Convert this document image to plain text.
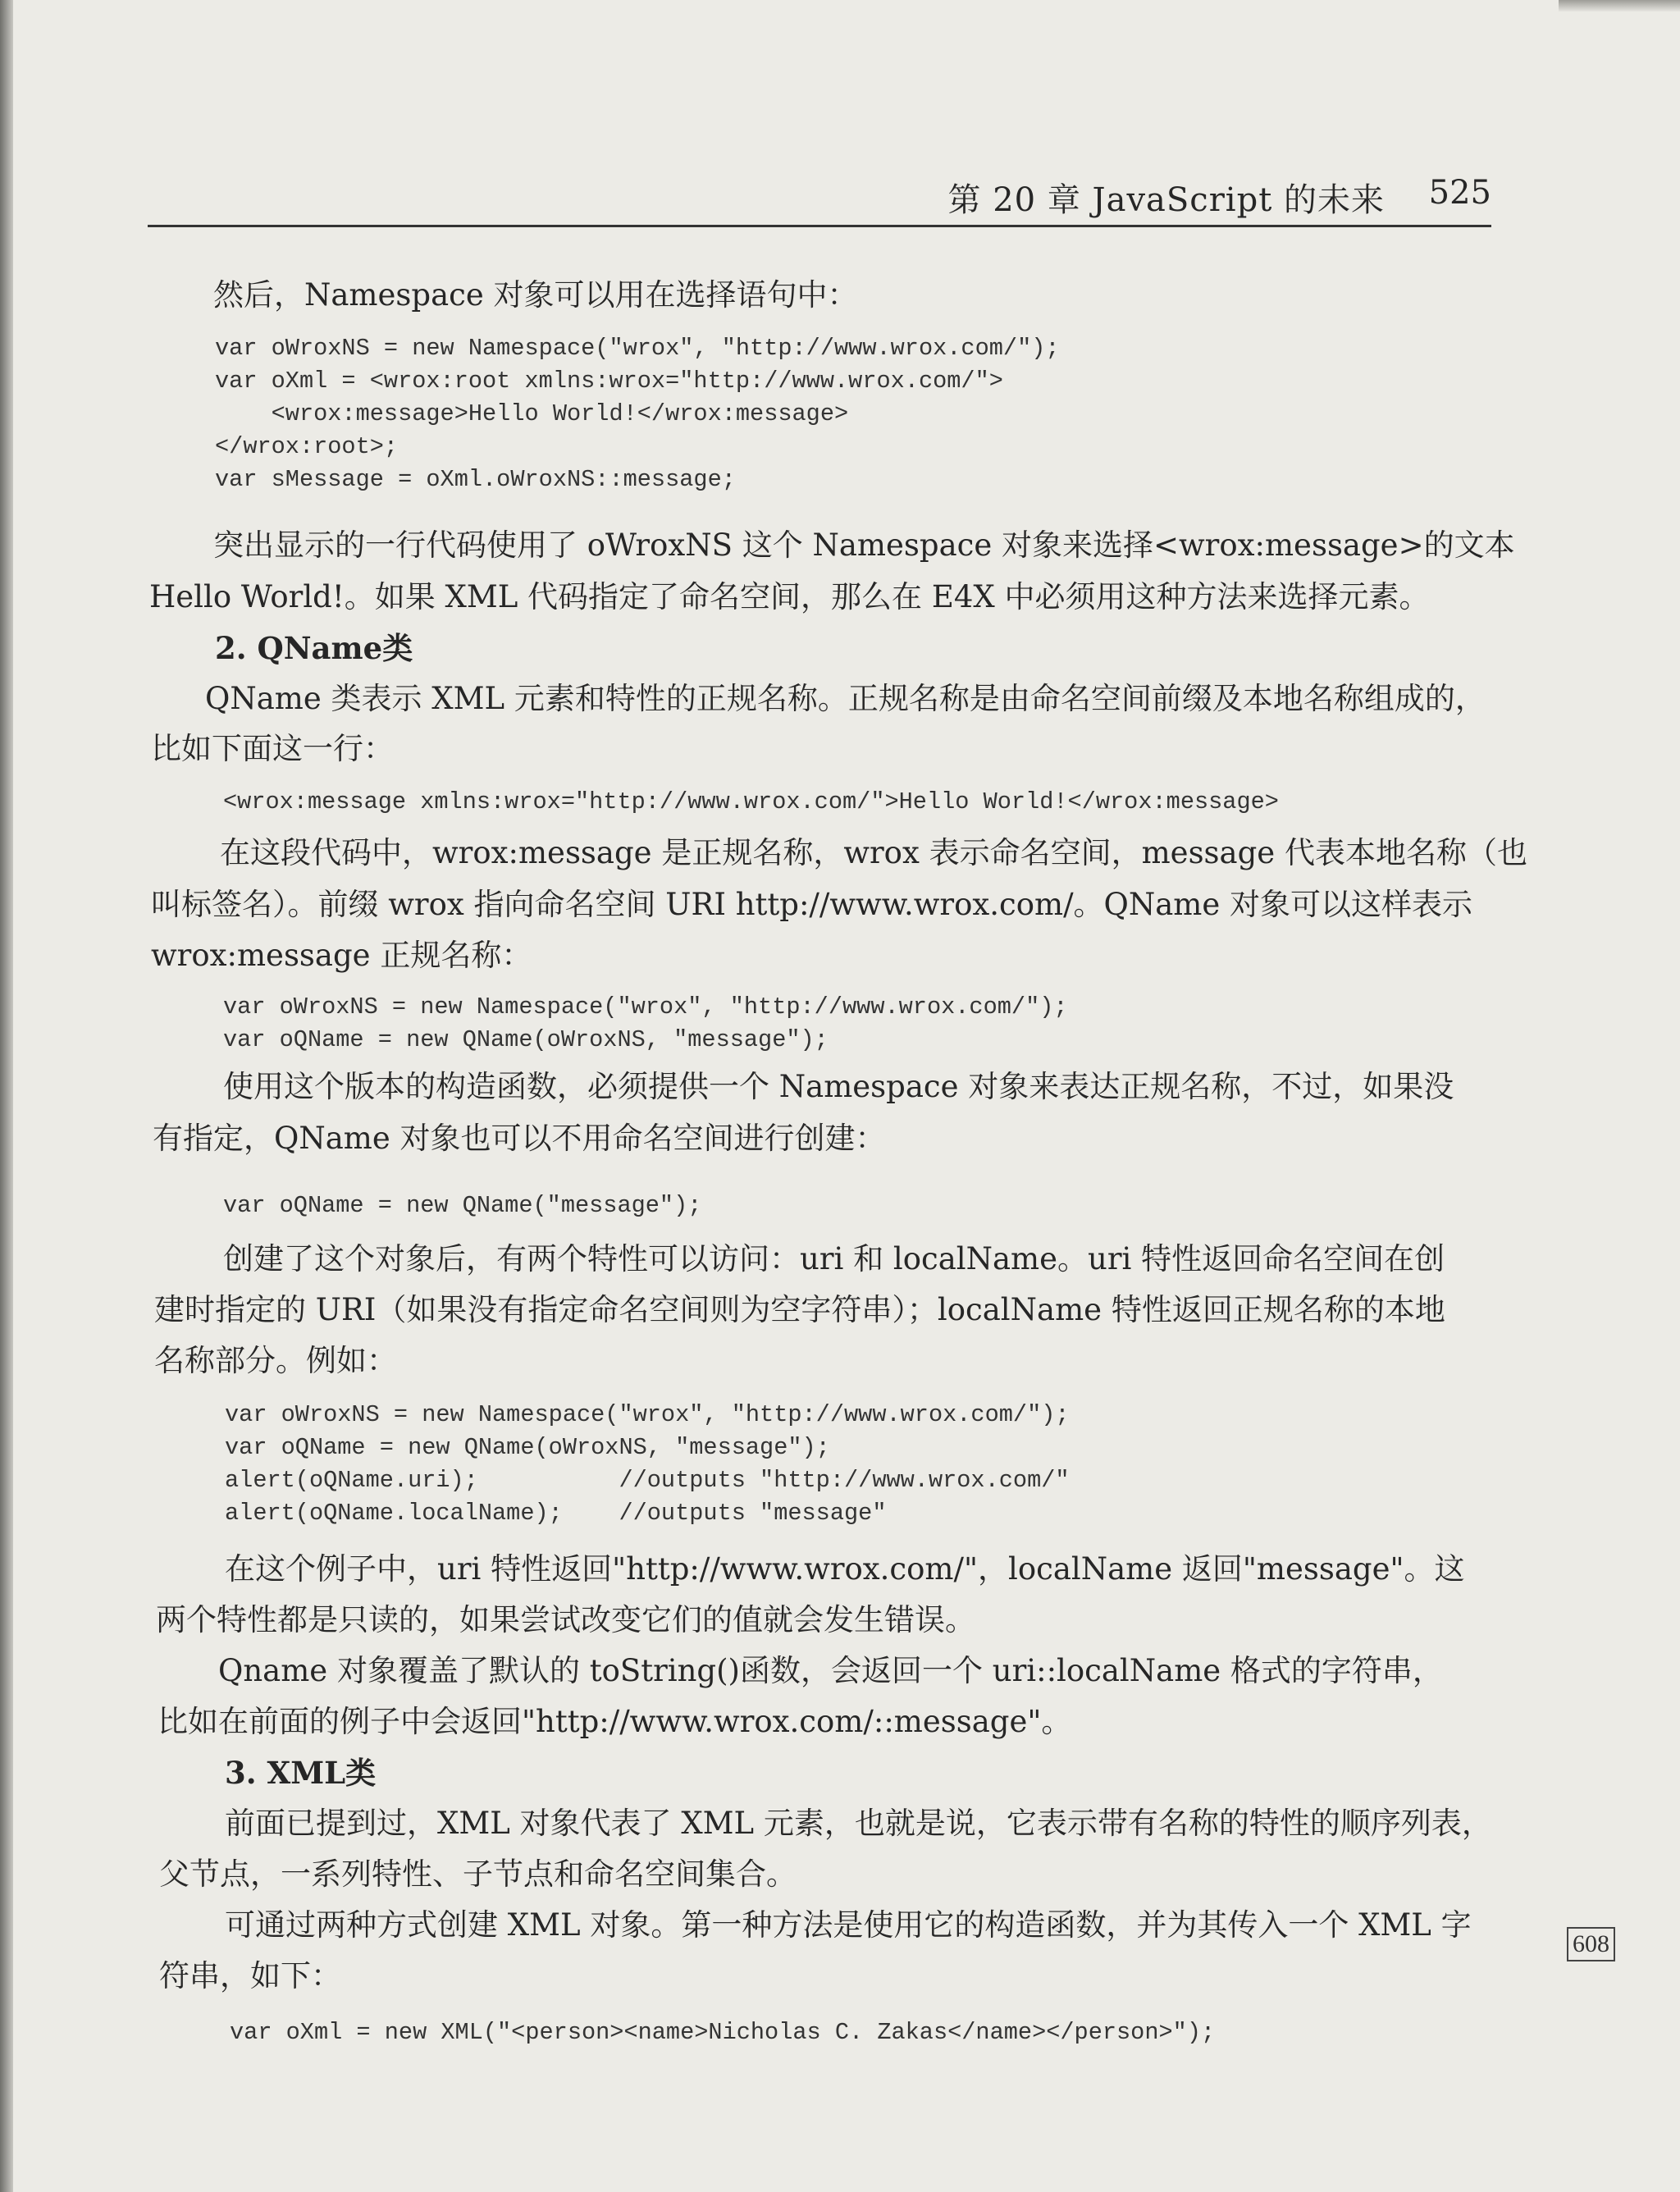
第 20 章 JavaScript 的未来 525
然后，Namespace 对象可以用在选择语句中：
var oWroxNS = new Namespace("wrox", "http://www.wrox.com/");
var oXml = <wrox:root xmlns:wrox="http://www.wrox.com/">
<wrox:message>Hello World!</wrox:message>
</wrox:root>;
var sMessage = oXml.oWroxNS::message;
突出显示的一行代码使用了 oWroxNS 这个 Namespace 对象来选择<wrox:message>的文本
Hello World!。如果 XML 代码指定了命名空间，那么在 E4X 中必须用这种方法来选择元素。
2. QName类
QName 类表示 XML 元素和特性的正规名称。正规名称是由命名空间前缀及本地名称组成的，
比如下面这一行：
<wrox:message xmlns:wrox="http://www.wrox.com/">Hello World!</wrox:message>
在这段代码中，wrox:message 是正规名称，wrox 表示命名空间，message 代表本地名称（也
叫标签名）。前缀 wrox 指向命名空间 URI http://www.wrox.com/。QName 对象可以这样表示
wrox:message 正规名称：
var oWroxNS = new Namespace("wrox", "http://www.wrox.com/");
var oQName = new QName(oWroxNS, "message");
使用这个版本的构造函数，必须提供一个 Namespace 对象来表达正规名称，不过，如果没
有指定，QName 对象也可以不用命名空间进行创建：
var oQName = new QName("message");
创建了这个对象后，有两个特性可以访问：uri 和 localName。uri 特性返回命名空间在创
建时指定的 URI（如果没有指定命名空间则为空字符串）；localName 特性返回正规名称的本地
名称部分。例如：
var oWroxNS = new Namespace("wrox", "http://www.wrox.com/");
var oQName = new QName(oWroxNS, "message");
alert(oQName.uri);          //outputs "http://www.wrox.com/"
alert(oQName.localName);    //outputs "message"
在这个例子中，uri 特性返回"http://www.wrox.com/"，localName 返回"message"。这
两个特性都是只读的，如果尝试改变它们的值就会发生错误。
Qname 对象覆盖了默认的 toString()函数，会返回一个 uri::localName 格式的字符串，
比如在前面的例子中会返回"http://www.wrox.com/::message"。
3. XML类
前面已提到过，XML 对象代表了 XML 元素，也就是说，它表示带有名称的特性的顺序列表，
父节点，一系列特性、子节点和命名空间集合。
可通过两种方式创建 XML 对象。第一种方法是使用它的构造函数，并为其传入一个 XML 字
符串，如下：
var oXml = new XML("<person><name>Nicholas C. Zakas</name></person>");
608
